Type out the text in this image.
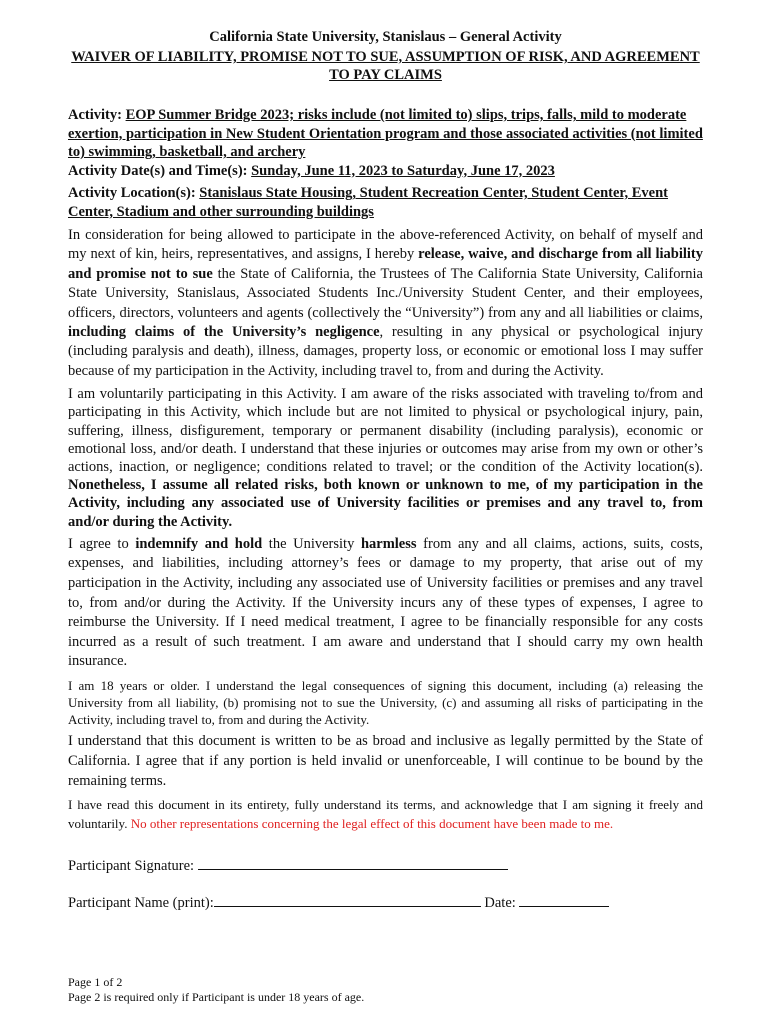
California State University, Stanislaus – General Activity
WAIVER OF LIABILITY, PROMISE NOT TO SUE, ASSUMPTION OF RISK, AND AGREEMENT TO PAY CLAIMS
Activity: EOP Summer Bridge 2023; risks include (not limited to) slips, trips, falls, mild to moderate exertion, participation in New Student Orientation program and those associated activities (not limited to) swimming, basketball, and archery
Activity Date(s) and Time(s): Sunday, June 11, 2023 to Saturday, June 17, 2023
Activity Location(s): Stanislaus State Housing, Student Recreation Center, Student Center, Event Center, Stadium and other surrounding buildings

In consideration for being allowed to participate in the above-referenced Activity, on behalf of myself and my next of kin, heirs, representatives, and assigns, I hereby release, waive, and discharge from all liability and promise not to sue the State of California, the Trustees of The California State University, California State University, Stanislaus, Associated Students Inc./University Student Center, and their employees, officers, directors, volunteers and agents (collectively the “University”) from any and all liabilities or claims, including claims of the University’s negligence, resulting in any physical or psychological injury (including paralysis and death), illness, damages, property loss, or economic or emotional loss I may suffer because of my participation in the Activity, including travel to, from and during the Activity.

I am voluntarily participating in this Activity. I am aware of the risks associated with traveling to/from and participating in this Activity, which include but are not limited to physical or psychological injury, pain, suffering, illness, disfigurement, temporary or permanent disability (including paralysis), economic or emotional loss, and/or death. I understand that these injuries or outcomes may arise from my own or other’s actions, inaction, or negligence; conditions related to travel; or the condition of the Activity location(s). Nonetheless, I assume all related risks, both known or unknown to me, of my participation in the Activity, including any associated use of University facilities or premises and any travel to, from and/or during the Activity.

I agree to indemnify and hold the University harmless from any and all claims, actions, suits, costs, expenses, and liabilities, including attorney’s fees or damage to my property, that arise out of my participation in the Activity, including any associated use of University facilities or premises and any travel to, from and/or during the Activity. If the University incurs any of these types of expenses, I agree to reimburse the University. If I need medical treatment, I agree to be financially responsible for any costs incurred as a result of such treatment. I am aware and understand that I should carry my own health insurance.

I am 18 years or older. I understand the legal consequences of signing this document, including (a) releasing the University from all liability, (b) promising not to sue the University, (c) and assuming all risks of participating in the Activity, including travel to, from and during the Activity.

I understand that this document is written to be as broad and inclusive as legally permitted by the State of California. I agree that if any portion is held invalid or unenforceable, I will continue to be bound by the remaining terms.

I have read this document in its entirety, fully understand its terms, and acknowledge that I am signing it freely and voluntarily. No other representations concerning the legal effect of this document have been made to me.

Participant Signature:
Participant Name (print):	Date:
Page 1 of 2
Page 2 is required only if Participant is under 18 years of age.
